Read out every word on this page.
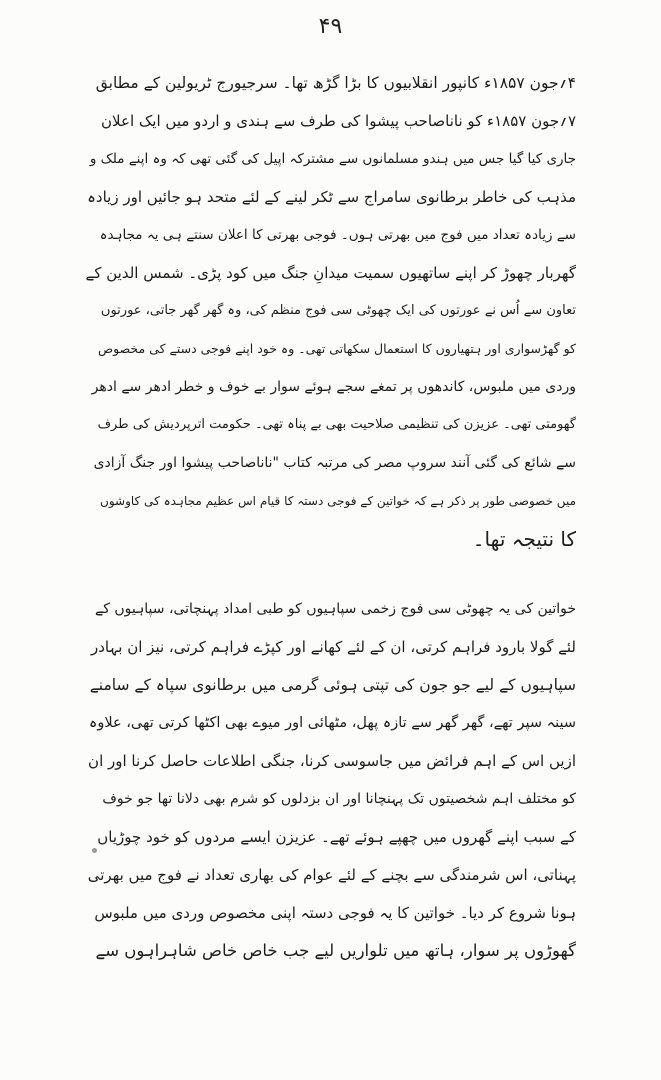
۴۹
۴؍جون ۱۸۵۷ء کانپور انقلابیوں کا بڑا گڑھ تھا۔ سرجیورج ٹریولین کے مطابق
۷؍جون ۱۸۵۷ء کو ناناصاحب پیشوا کی طرف سے ہندی و اردو میں ایک اعلان
جاری کیا گیا جس میں ہندو مسلمانوں سے مشترکہ اپیل کی گئی تھی کہ وہ اپنے ملک و
مذہب کی خاطر برطانوی سامراج سے ٹکر لینے کے لئے متحد ہو جائیں اور زیادہ
سے زیادہ تعداد میں فوج میں بھرتی ہوں۔ فوجی بھرتی کا اعلان سنتے ہی یہ مجاہدہ
گھربار چھوڑ کر اپنے ساتھیوں سمیت میدانِ جنگ میں کود پڑی۔ شمس الدین کے
تعاون سے اُس نے عورتوں کی ایک چھوٹی سی فوج منظم کی، وہ گھر گھر جاتی، عورتوں
کو گھڑسواری اور ہتھیاروں کا استعمال سکھاتی تھی۔ وہ خود اپنے فوجی دستے کی مخصوص
وردی میں ملبوس، کاندھوں پر تمغے سجے ہوئے سوار بے خوف و خطر ادھر سے ادھر
گھومتی تھی۔ عزیزن کی تنظیمی صلاحیت بھی بے پناہ تھی۔ حکومت اترپردیش کی طرف
سے شائع کی گئی آنند سروپ مصر کی مرتبہ کتاب "ناناصاحب پیشوا اور جنگ آزادی
میں خصوصی طور پر ذکر ہے کہ خواتین کے فوجی دستہ کا قیام اس عظیم مجاہدہ کی کاوشوں
کا نتیجہ تھا۔
خواتین کی یہ چھوٹی سی فوج زخمی سپاہیوں کو طبی امداد پہنچاتی، سپاہیوں کے
لئے گولا بارود فراہم کرتی، ان کے لئے کھانے اور کپڑے فراہم کرتی، نیز ان بہادر
سپاہیوں کے لیے جو جون کی تپتی ہوئی گرمی میں برطانوی سپاہ کے سامنے
سینہ سپر تھے، گھر گھر سے تازہ پھل، مٹھائی اور میوے بھی اکٹھا کرتی تھی، علاوہ
ازیں اس کے اہم فرائض میں جاسوسی کرنا، جنگی اطلاعات حاصل کرنا اور ان
کو مختلف اہم شخصیتوں تک پہنچانا اور ان بزدلوں کو شرم بھی دلانا تھا جو خوف
کے سبب اپنے گھروں میں چھپے ہوئے تھے۔ عزیزن ایسے مردوں کو خود چوڑیاں
پہناتی، اس شرمندگی سے بچنے کے لئے عوام کی بھاری تعداد نے فوج میں بھرتی
ہونا شروع کر دیا۔ خواتین کا یہ فوجی دستہ اپنی مخصوص وردی میں ملبوس
گھوڑوں پر سوار، ہاتھ میں تلواریں لیے جب خاص خاص شاہراہوں سے
